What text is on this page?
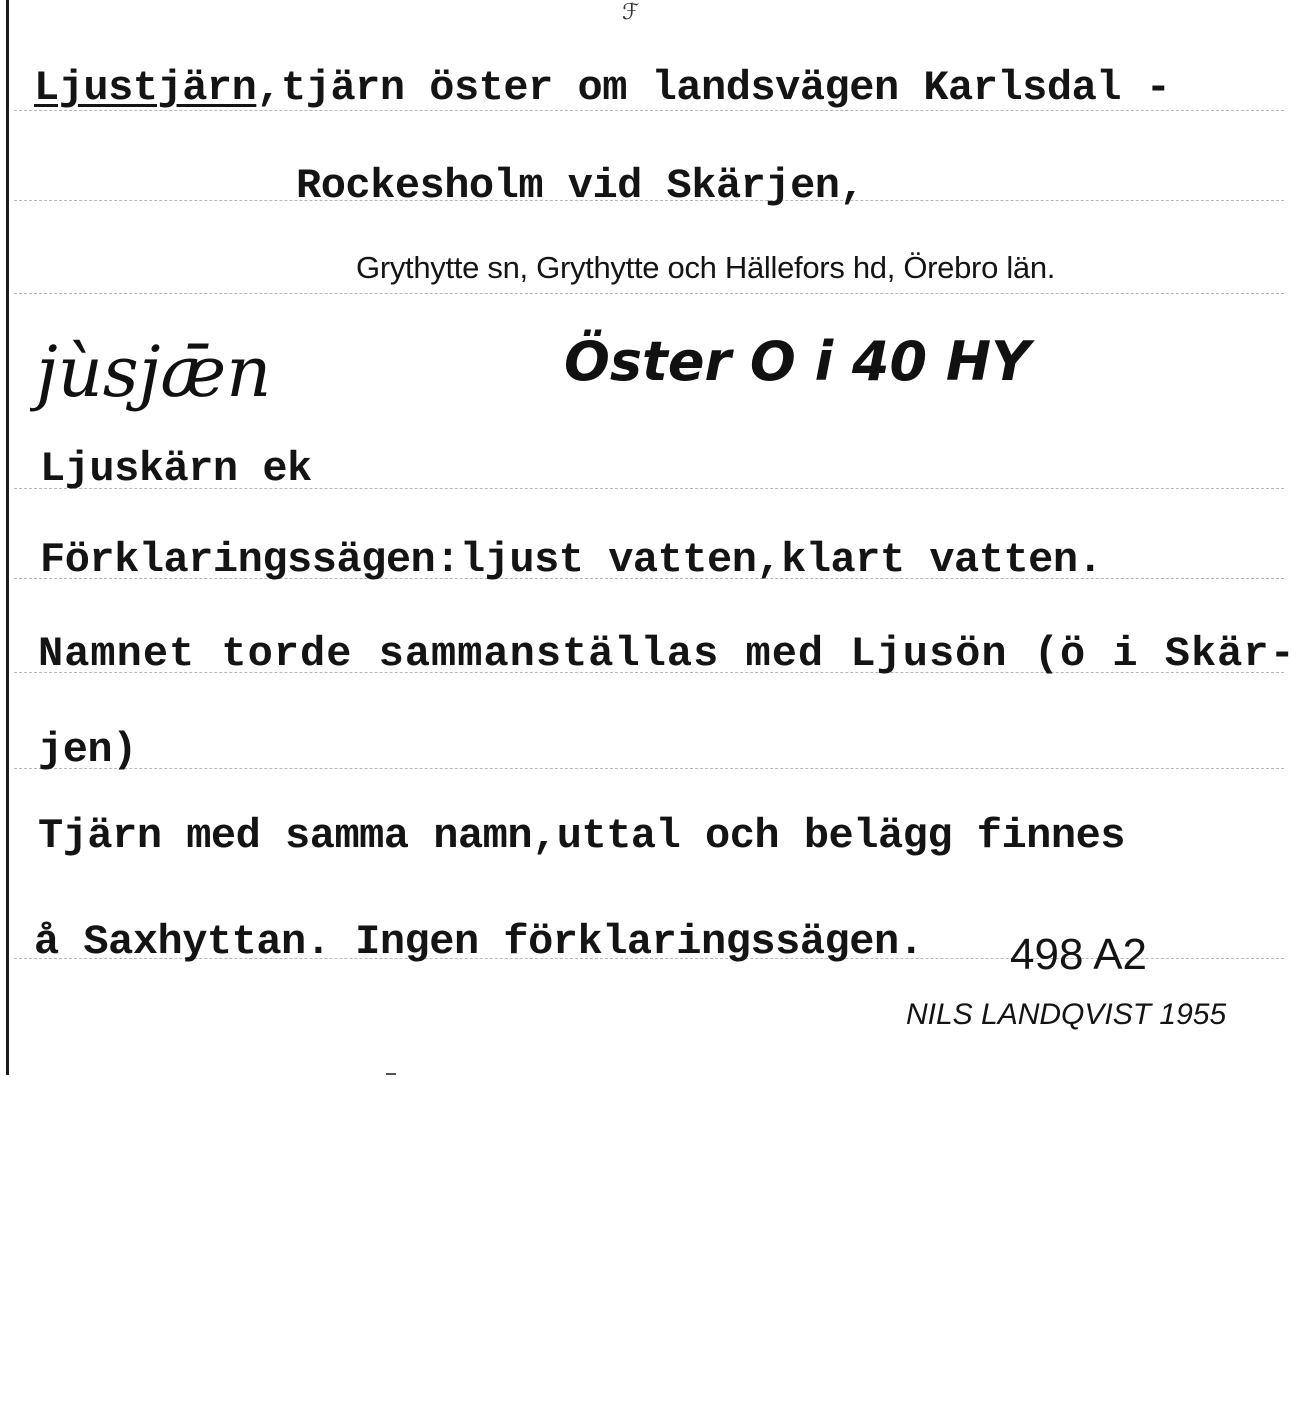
ℱ
Ljustjärn,tjärn öster om landsvägen Karlsdal -
Rockesholm vid Skärjen,
Grythytte sn, Grythytte och Hällefors hd, Örebro län.
jùsjǣn	Öster O i 40 HY
Ljuskärn ek
Förklaringssägen:ljust vatten,klart vatten.
Namnet torde sammanställas med Ljusön (ö i Skär-
jen)
Tjärn med samma namn,uttal och belägg finnes
å Saxhyttan. Ingen förklaringssägen. 498 A2
NILS LANDQVIST 1955
